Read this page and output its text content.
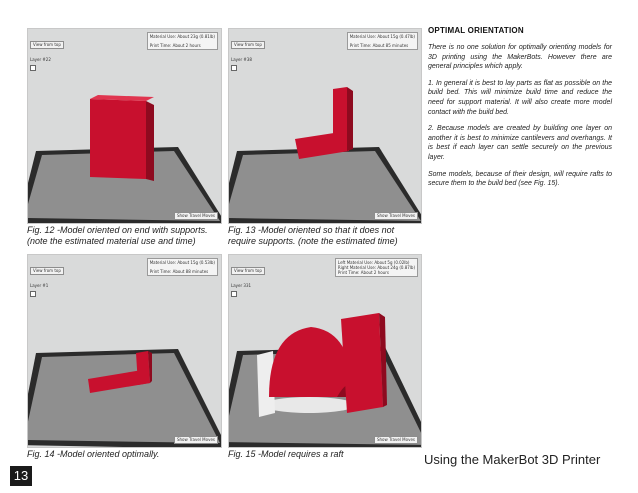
Material Use: About 23g (0.81lb)
Print Time: About 2 hours
View from top
Layer #22
Show Travel Moves
Fig. 12 -Model oriented on end with supports.
(note the estimated material use and time)
Material Use: About 15g (0.47lb)
Print Time: About 85 minutes
View from top
Layer #38
Show Travel Moves
Fig. 13 -Model oriented so that it does not
require supports. (note the estimated time)
Material Use: About 15g (0.53lb)
Print Time: About 88 minutes
View from top
Layer #1
Show Travel Moves
Fig. 14 -Model oriented optimally.
Left Material Use: About 5g (0.02lb)
Right Material Use: About 24g (0.87lb)
Print Time: About 2 hours
View from top
Layer 331
Show Travel Moves
Fig. 15 -Model requires a raft
OPTIMAL ORIENTATION

There is no one solution for optimally orienting models for 3D printing using the MakerBots. However there are general principles which apply.

1. In general it is best to lay parts as flat as possible on the build bed. This will minimize build time and reduce the need for support material. It will also create more model contact with the build bed.

2. Because models are created by building one layer on another it is best to minimize cantilevers and overhangs. It is best if each layer can settle securely on the previous layer.

Some models, because of their design, will require rafts to secure them to the build bed (see Fig. 15).

Using the MakerBot 3D Printer
13
